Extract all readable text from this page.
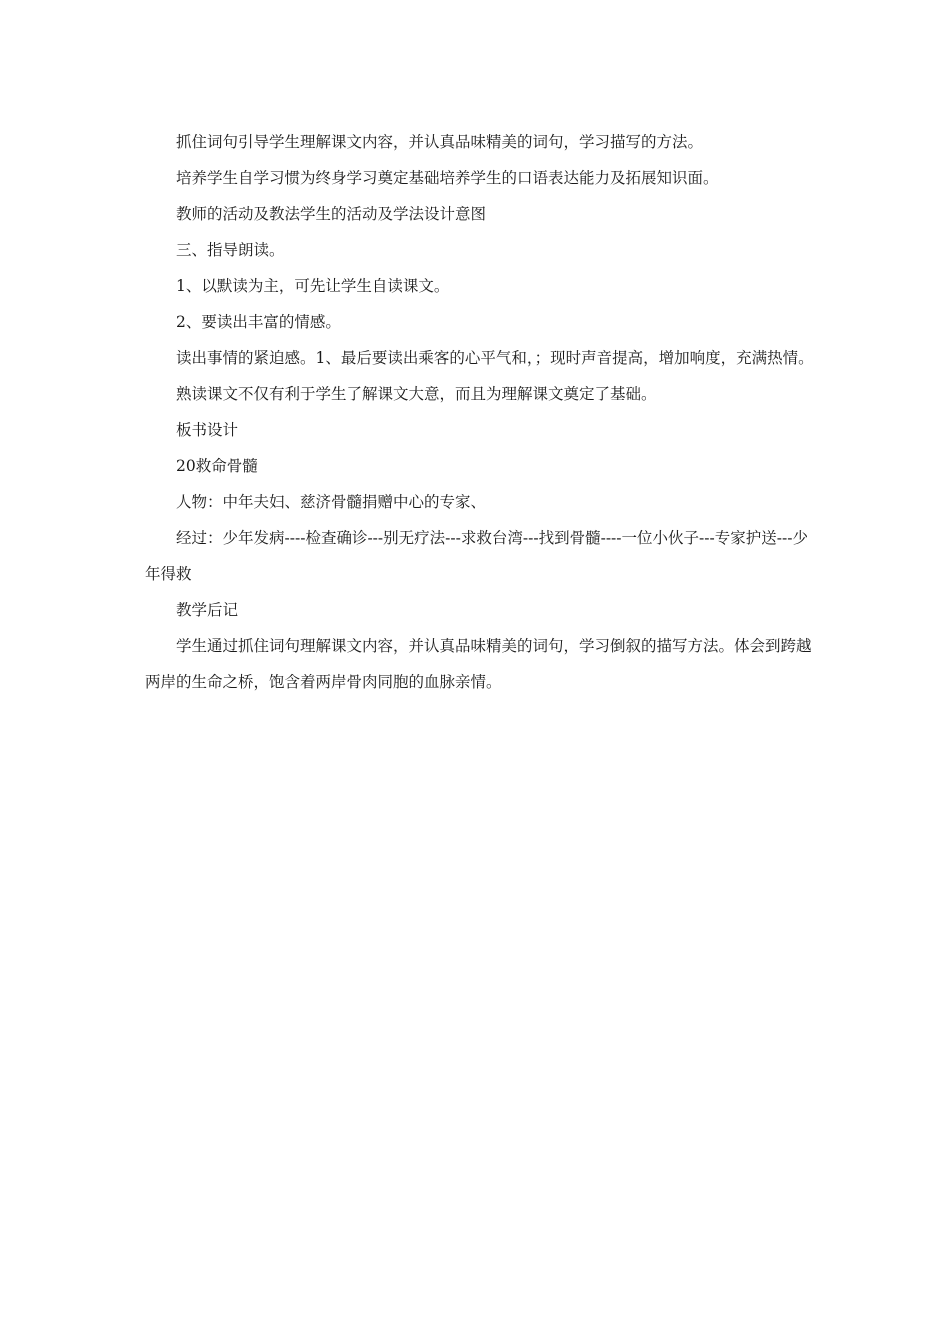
抓住词句引导学生理解课文内容，并认真品味精美的词句，学习描写的方法。

培养学生自学习惯为终身学习奠定基础培养学生的口语表达能力及拓展知识面。

教师的活动及教法学生的活动及学法设计意图

三、指导朗读。

1、以默读为主，可先让学生自读课文。

2、要读出丰富的情感。

读出事情的紧迫感。1、最后要读出乘客的心平气和，；现时声音提高，增加响度，充满热情。

熟读课文不仅有利于学生了解课文大意，而且为理解课文奠定了基础。

板书设计

20救命骨髓

人物：中年夫妇、慈济骨髓捐赠中心的专家、

经过：少年发病----检查确诊---别无疗法---求救台湾---找到骨髓----一位小伙子---专家护送---少年得救

教学后记

学生通过抓住词句理解课文内容，并认真品味精美的词句，学习倒叙的描写方法。体会到跨越两岸的生命之桥，饱含着两岸骨肉同胞的血脉亲情。
